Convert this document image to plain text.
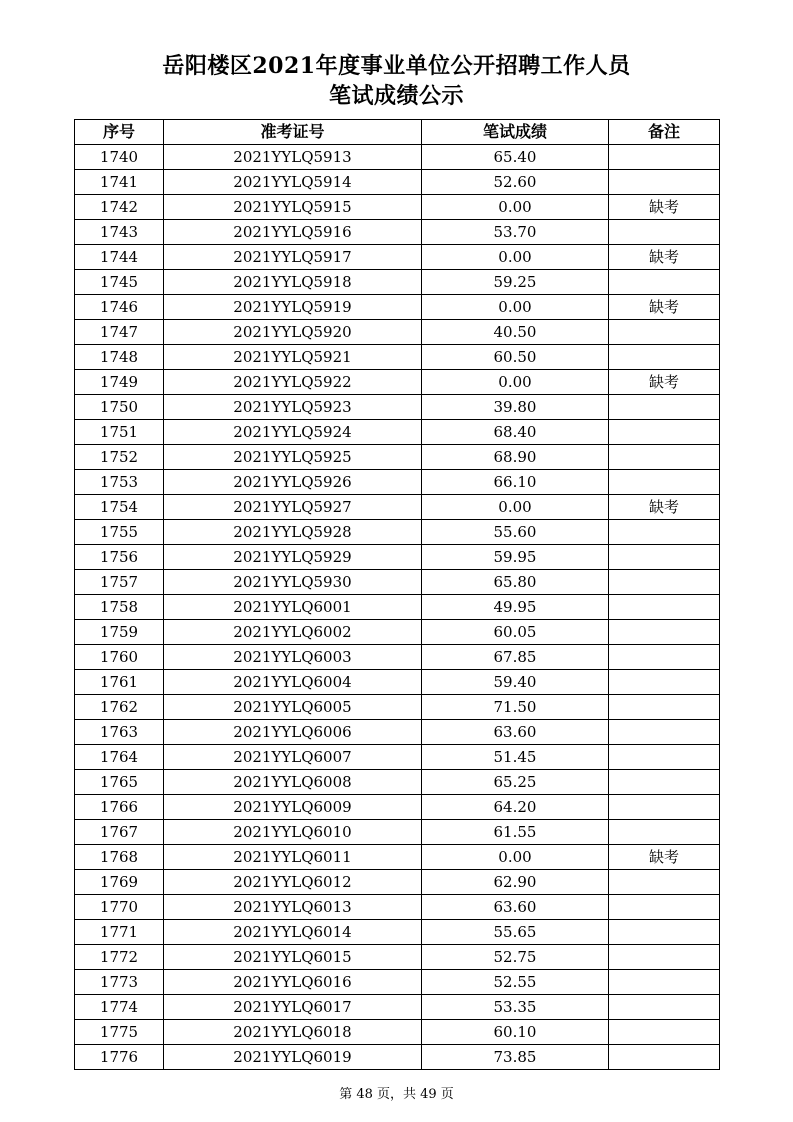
岳阳楼区2021年度事业单位公开招聘工作人员
笔试成绩公示
序号	准考证号	笔试成绩	备注
1740	2021YYLQ5913	65.40	
1741	2021YYLQ5914	52.60	
1742	2021YYLQ5915	0.00	缺考
1743	2021YYLQ5916	53.70	
1744	2021YYLQ5917	0.00	缺考
1745	2021YYLQ5918	59.25	
1746	2021YYLQ5919	0.00	缺考
1747	2021YYLQ5920	40.50	
1748	2021YYLQ5921	60.50	
1749	2021YYLQ5922	0.00	缺考
1750	2021YYLQ5923	39.80	
1751	2021YYLQ5924	68.40	
1752	2021YYLQ5925	68.90	
1753	2021YYLQ5926	66.10	
1754	2021YYLQ5927	0.00	缺考
1755	2021YYLQ5928	55.60	
1756	2021YYLQ5929	59.95	
1757	2021YYLQ5930	65.80	
1758	2021YYLQ6001	49.95	
1759	2021YYLQ6002	60.05	
1760	2021YYLQ6003	67.85	
1761	2021YYLQ6004	59.40	
1762	2021YYLQ6005	71.50	
1763	2021YYLQ6006	63.60	
1764	2021YYLQ6007	51.45	
1765	2021YYLQ6008	65.25	
1766	2021YYLQ6009	64.20	
1767	2021YYLQ6010	61.55	
1768	2021YYLQ6011	0.00	缺考
1769	2021YYLQ6012	62.90	
1770	2021YYLQ6013	63.60	
1771	2021YYLQ6014	55.65	
1772	2021YYLQ6015	52.75	
1773	2021YYLQ6016	52.55	
1774	2021YYLQ6017	53.35	
1775	2021YYLQ6018	60.10	
1776	2021YYLQ6019	73.85	
第 48 页，共 49 页
